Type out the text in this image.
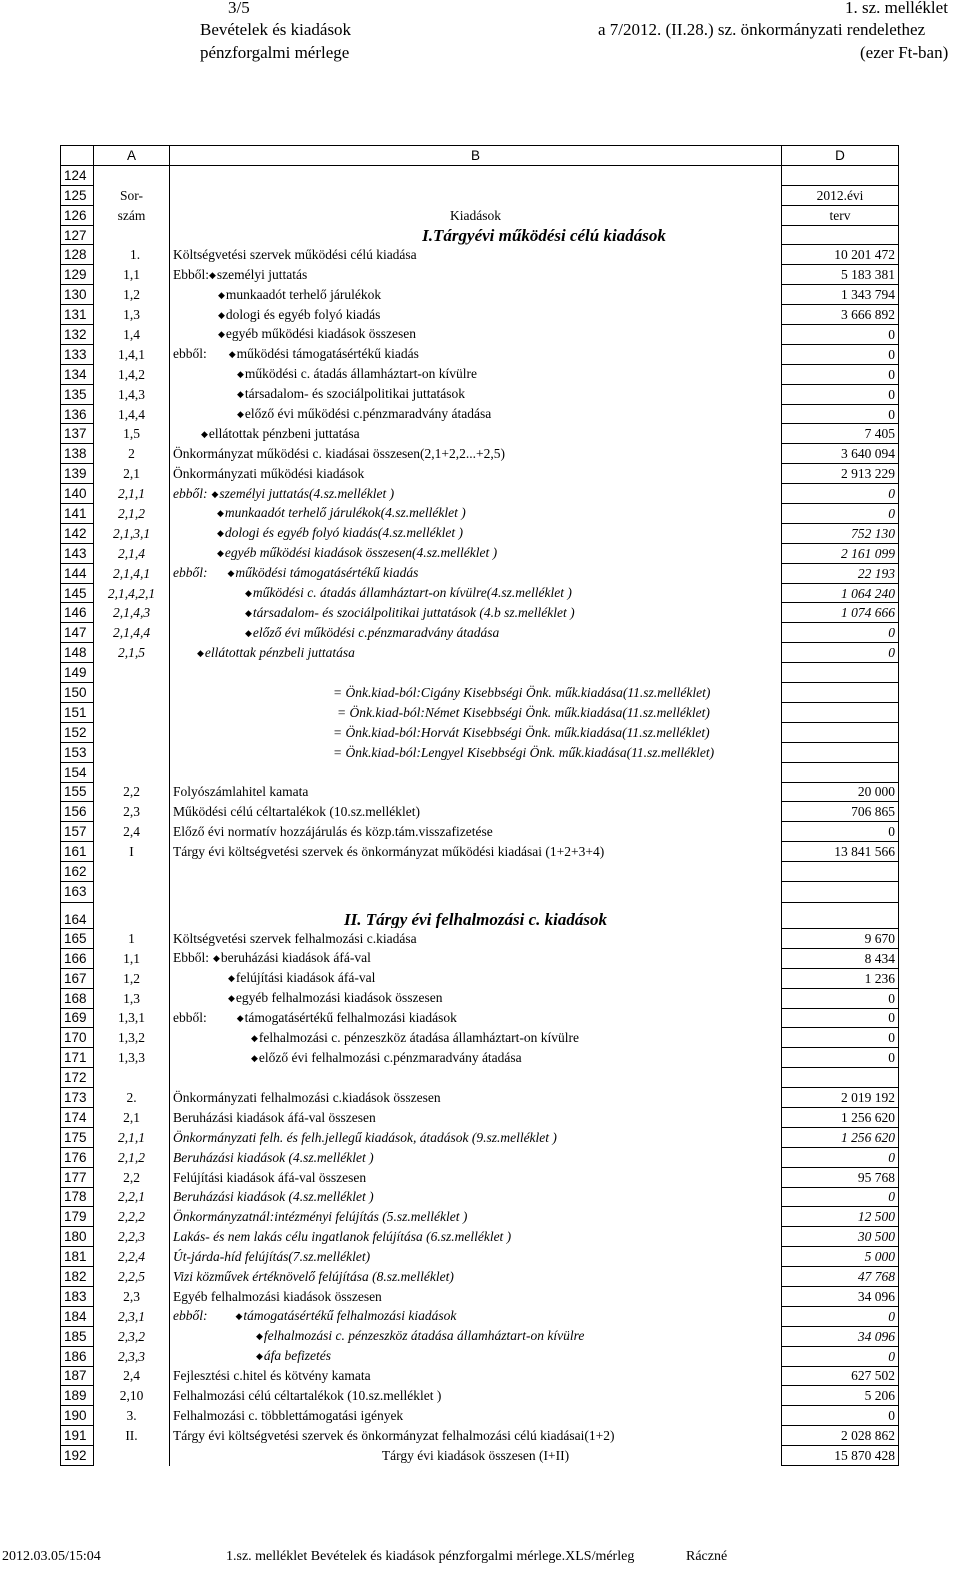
3/5	1. sz. melléklet
Bevételek és kiadások	a 7/2012. (II.28.) sz. önkormányzati rendelethez
pénzforgalmi mérlege	(ezer Ft-ban)
	A	B	D
124			
125	Sor-		2012.évi
126	szám	Kiadások	terv
127		I.Tárgyévi működési célú kiadások	
128	1.	Költségvetési szervek működési célú kiadása	10 201 472
129	1,1	Ebből:◆személyi juttatás	5 183 381
130	1,2	◆munkaadót terhelő járulékok	1 343 794
131	1,3	◆dologi és egyéb folyó kiadás	3 666 892
132	1,4	◆egyéb működési kiadások összesen	0
133	1,4,1	ebből: ◆működési támogatásértékű kiadás	0
134	1,4,2	◆működési c. átadás államháztart-on kívülre	0
135	1,4,3	◆társadalom- és szociálpolitikai juttatások	0
136	1,4,4	◆előző évi működési c.pénzmaradvány átadása	0
137	1,5	◆ellátottak pénzbeni juttatása	7 405
138	2	Önkormányzat működési c. kiadásai összesen(2,1+2,2...+2,5)	3 640 094
139	2,1	Önkormányzati működési kiadások	2 913 229
140	2,1,1	ebből: ◆személyi juttatás(4.sz.melléklet )	0
141	2,1,2	◆munkaadót terhelő járulékok(4.sz.melléklet )	0
142	2,1,3,1	◆dologi és egyéb folyó kiadás(4.sz.melléklet )	752 130
143	2,1,4	◆egyéb működési kiadások összesen(4.sz.melléklet )	2 161 099
144	2,1,4,1	ebből: ◆működési támogatásértékű kiadás	22 193
145	2,1,4,2,1	◆működési c. átadás államháztart-on kívülre(4.sz.melléklet )	1 064 240
146	2,1,4,3	◆társadalom- és szociálpolitikai juttatások (4.b sz.melléklet )	1 074 666
147	2,1,4,4	◆előző évi működési c.pénzmaradvány átadása	0
148	2,1,5	◆ellátottak pénzbeli juttatása	0
149			
150		= Önk.kiad-ból:Cigány Kisebbségi Önk. műk.kiadása(11.sz.melléklet)	
151		= Önk.kiad-ból:Német Kisebbségi Önk. műk.kiadása(11.sz.melléklet)	
152		= Önk.kiad-ból:Horvát Kisebbségi Önk. műk.kiadása(11.sz.melléklet)	
153		= Önk.kiad-ból:Lengyel Kisebbségi Önk. műk.kiadása(11.sz.melléklet)	
154			
155	2,2	Folyószámlahitel kamata	20 000
156	2,3	Működési célú céltartalékok (10.sz.melléklet)	706 865
157	2,4	Előző évi normatív hozzájárulás és közp.tám.visszafizetése	0
161	I	Tárgy évi költségvetési szervek és önkormányzat működési kiadásai (1+2+3+4)	13 841 566
162			
163			
164		II. Tárgy évi felhalmozási c. kiadások	
165	1	Költségvetési szervek felhalmozási c.kiadása	9 670
166	1,1	Ebből: ◆beruházási kiadások áfá-val	8 434
167	1,2	◆felújítási kiadások áfá-val	1 236
168	1,3	◆egyéb felhalmozási kiadások összesen	0
169	1,3,1	ebből: ◆támogatásértékű felhalmozási kiadások	0
170	1,3,2	◆felhalmozási c. pénzeszköz átadása államháztart-on kívülre	0
171	1,3,3	◆előző évi felhalmozási c.pénzmaradvány átadása	0
172			
173	2.	Önkormányzati felhalmozási c.kiadások összesen	2 019 192
174	2,1	Beruházási kiadások áfá-val összesen	1 256 620
175	2,1,1	Önkormányzati felh. és felh.jellegű kiadások, átadások (9.sz.melléklet )	1 256 620
176	2,1,2	Beruházási kiadások (4.sz.melléklet )	0
177	2,2	Felújítási kiadások áfá-val összesen	95 768
178	2,2,1	Beruházási kiadások (4.sz.melléklet )	0
179	2,2,2	Önkormányzatnál:intézményi felújítás (5.sz.melléklet )	12 500
180	2,2,3	Lakás- és nem lakás célu ingatlanok felújítása (6.sz.melléklet )	30 500
181	2,2,4	Út-járda-híd felújítás(7.sz.melléklet)	5 000
182	2,2,5	Vizi közművek értéknövelő felújítása (8.sz.melléklet)	47 768
183	2,3	Egyéb felhalmozási kiadások összesen	34 096
184	2,3,1	ebből: ◆támogatásértékű felhalmozási kiadások	0
185	2,3,2	◆felhalmozási c. pénzeszköz átadása államháztart-on kívülre	34 096
186	2,3,3	◆áfa befizetés	0
187	2,4	Fejlesztési c.hitel és kötvény kamata	627 502
189	2,10	Felhalmozási célú céltartalékok (10.sz.melléklet )	5 206
190	3.	Felhalmozási c. többlettámogatási igények	0
191	II.	Tárgy évi költségvetési szervek és önkormányzat felhalmozási célú kiadásai(1+2)	2 028 862
192		Tárgy évi kiadások összesen (I+II)	15 870 428
2012.03.05/15:04	1.sz. melléklet Bevételek és kiadások pénzforgalmi mérlege.XLS/mérleg	Ráczné
